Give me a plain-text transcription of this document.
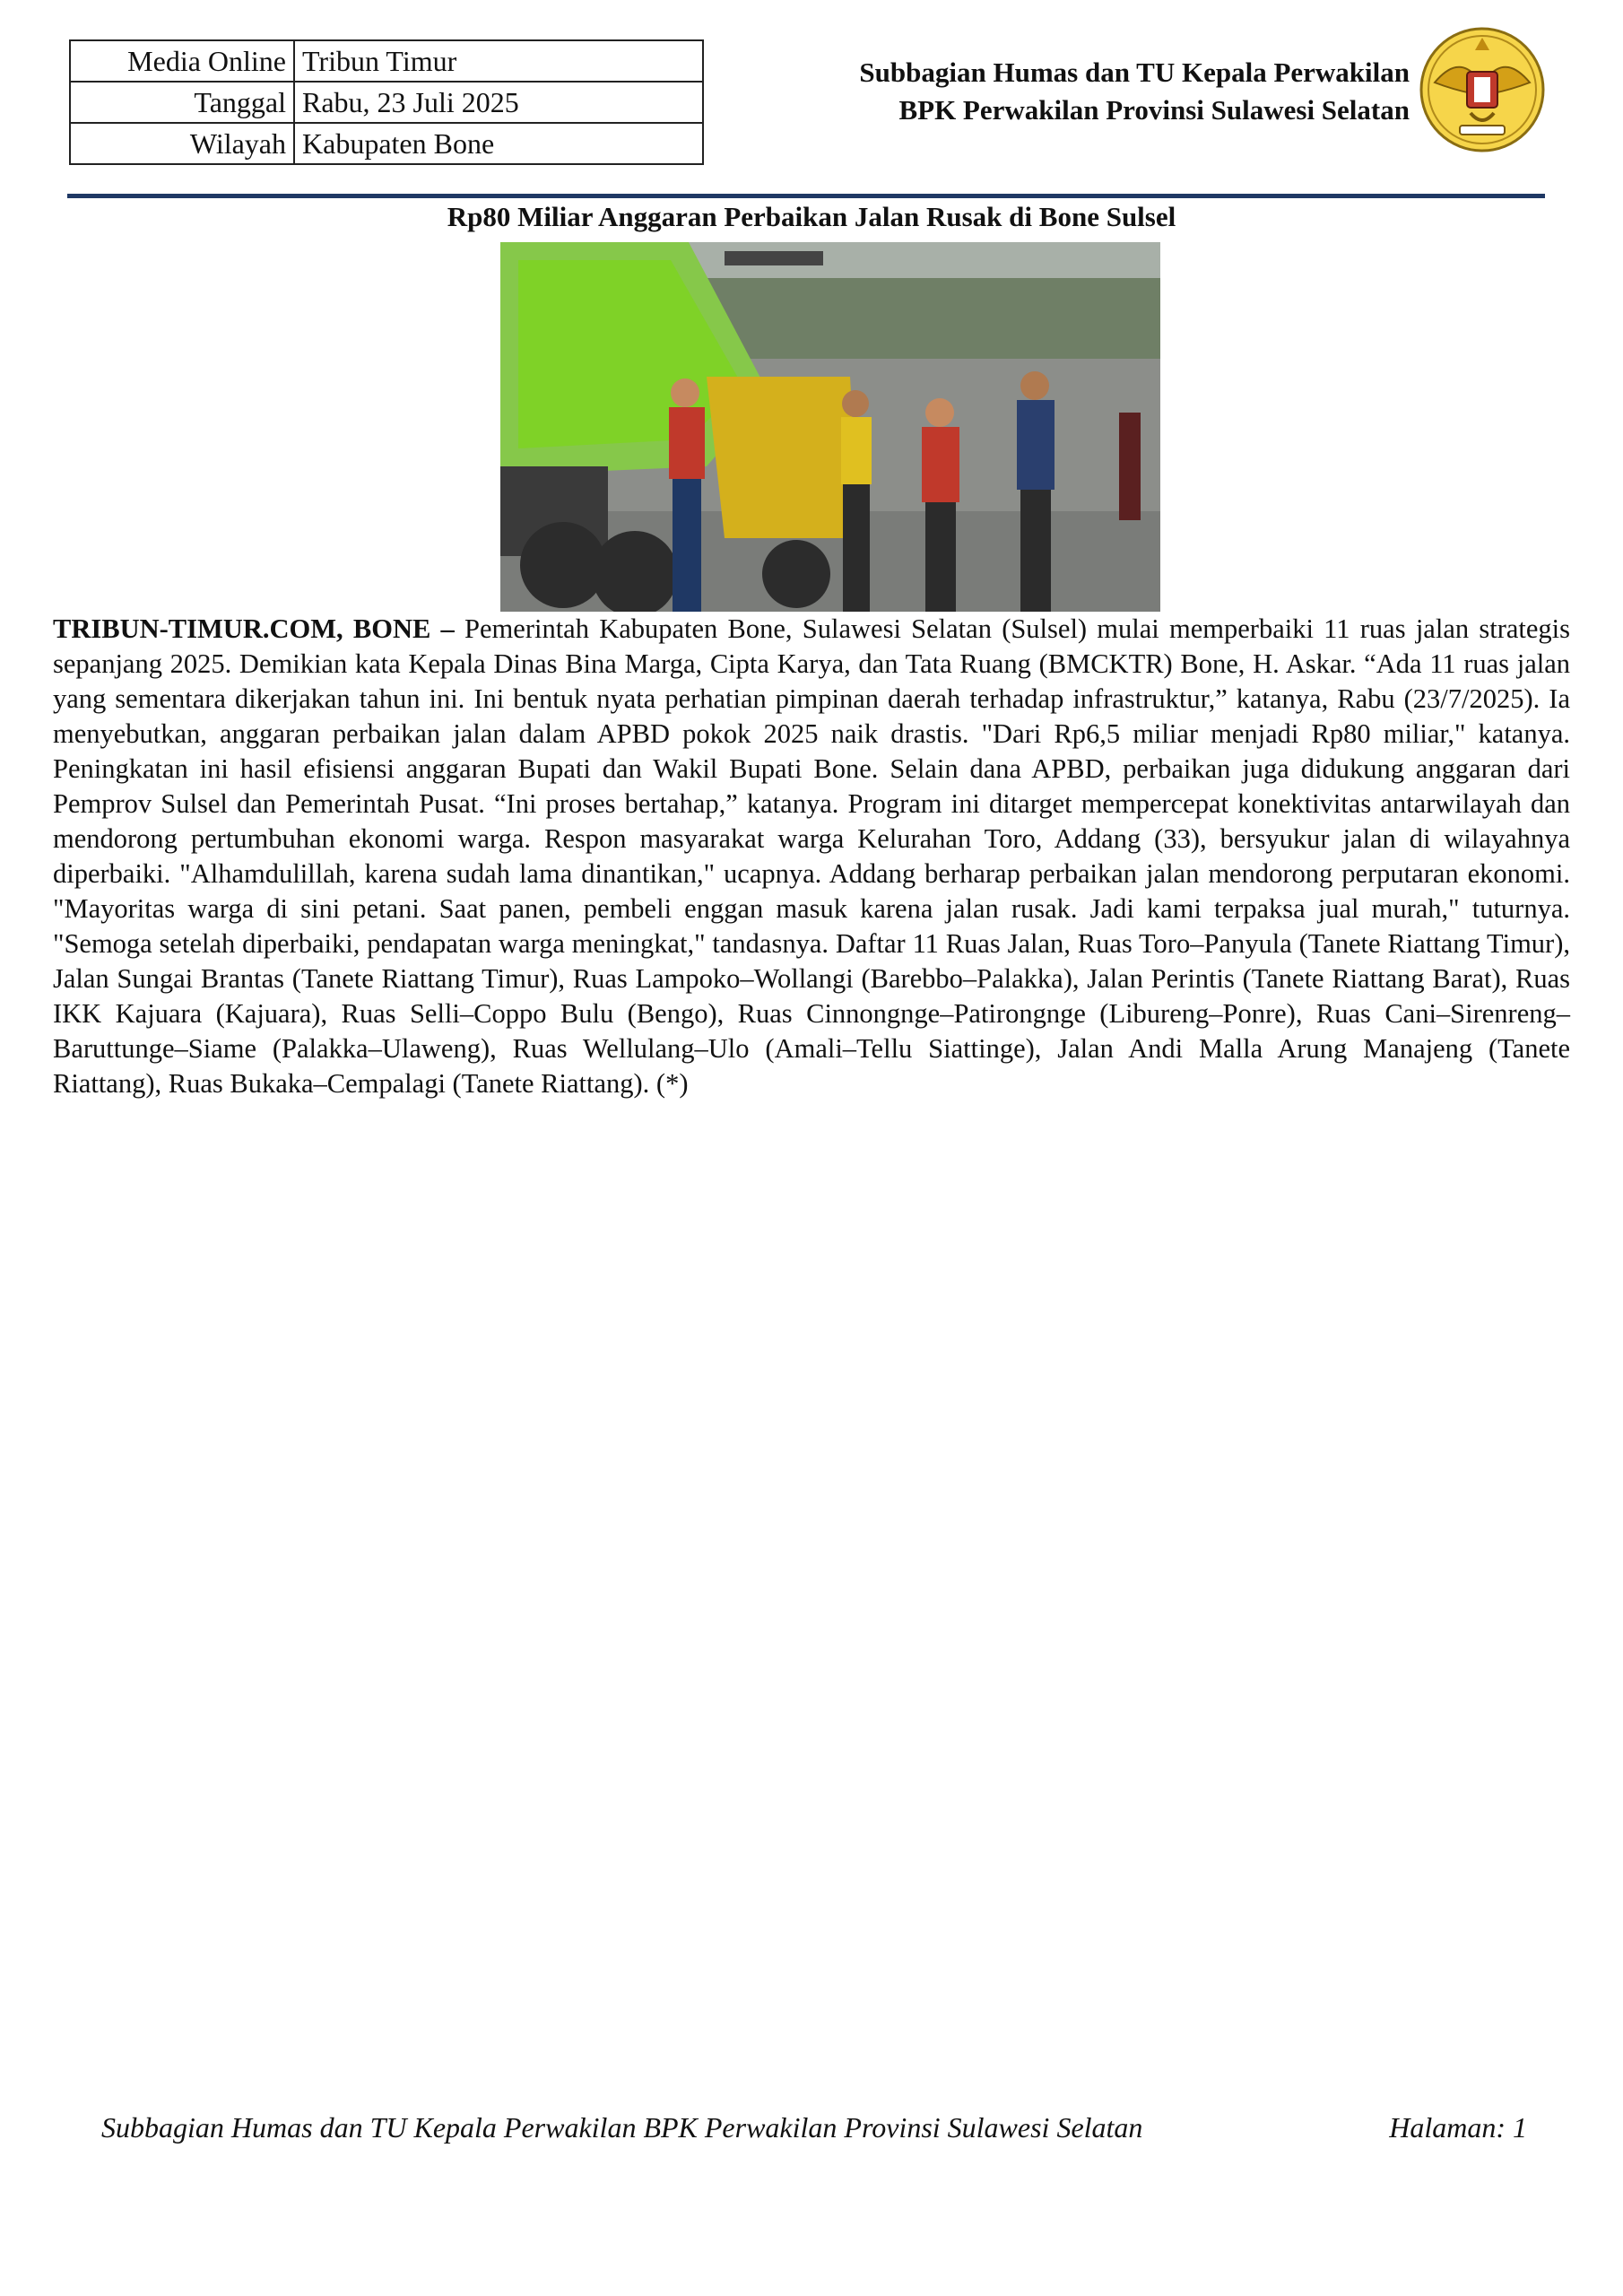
Media Online	Tribun Timur
Tanggal	Rabu, 23 Juli 2025
Wilayah	Kabupaten Bone
Subbagian Humas dan TU Kepala Perwakilan
BPK Perwakilan Provinsi Sulawesi Selatan
Rp80 Miliar Anggaran Perbaikan Jalan Rusak di Bone Sulsel
TRIBUN-TIMUR.COM, BONE – Pemerintah Kabupaten Bone, Sulawesi Selatan (Sulsel) mulai memperbaiki 11 ruas jalan strategis sepanjang 2025. Demikian kata Kepala Dinas Bina Marga, Cipta Karya, dan Tata Ruang (BMCKTR) Bone, H. Askar. “Ada 11 ruas jalan yang sementara dikerjakan tahun ini. Ini bentuk nyata perhatian pimpinan daerah terhadap infrastruktur,” katanya, Rabu (23/7/2025). Ia menyebutkan, anggaran perbaikan jalan dalam APBD pokok 2025 naik drastis. "Dari Rp6,5 miliar menjadi Rp80 miliar," katanya. Peningkatan ini hasil efisiensi anggaran Bupati dan Wakil Bupati Bone. Selain dana APBD, perbaikan juga didukung anggaran dari Pemprov Sulsel dan Pemerintah Pusat. “Ini proses bertahap,” katanya. Program ini ditarget mempercepat konektivitas antarwilayah dan mendorong pertumbuhan ekonomi warga. Respon masyarakat warga Kelurahan Toro, Addang (33), bersyukur jalan di wilayahnya diperbaiki. "Alhamdulillah, karena sudah lama dinantikan," ucapnya. Addang berharap perbaikan jalan mendorong perputaran ekonomi. "Mayoritas warga di sini petani. Saat panen, pembeli enggan masuk karena jalan rusak. Jadi kami terpaksa jual murah," tuturnya. "Semoga setelah diperbaiki, pendapatan warga meningkat," tandasnya. Daftar 11 Ruas Jalan, Ruas Toro–Panyula (Tanete Riattang Timur), Jalan Sungai Brantas (Tanete Riattang Timur), Ruas Lampoko–Wollangi (Barebbo–Palakka), Jalan Perintis (Tanete Riattang Barat), Ruas IKK Kajuara (Kajuara), Ruas Selli–Coppo Bulu (Bengo), Ruas Cinnongnge–Patirongnge (Libureng–Ponre), Ruas Cani–Sirenreng–Baruttunge–Siame (Palakka–Ulaweng), Ruas Wellulang–Ulo (Amali–Tellu Siattinge), Jalan Andi Malla Arung Manajeng (Tanete Riattang), Ruas Bukaka–Cempalagi (Tanete Riattang). (*)
Subbagian Humas dan TU Kepala Perwakilan BPK Perwakilan Provinsi Sulawesi Selatan	Halaman: 1
